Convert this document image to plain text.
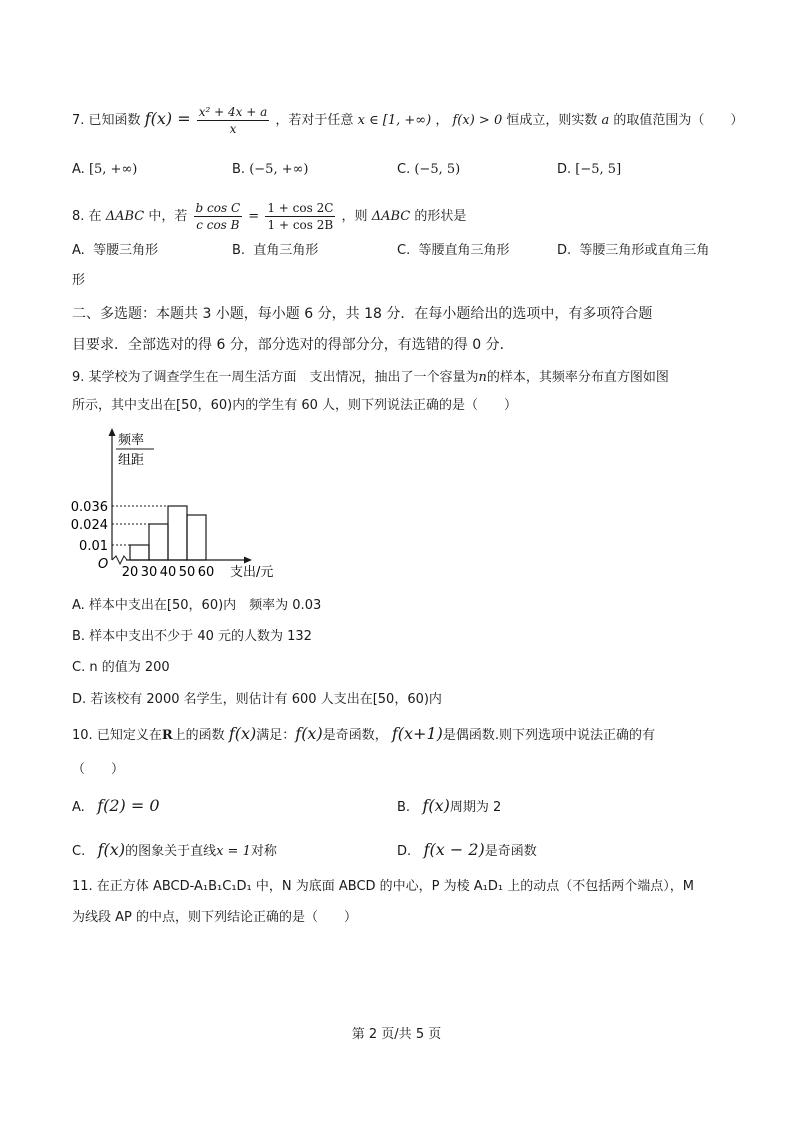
7. 已知函数 $f(x) = \frac{\text{x² + 4x + a}}{x}$ ，若对于任意 x ∈ [1, +∞) ， f(x) > 0 恒成立，则实数 a 的取值范围为（　　）
A. [5, +∞)	B. (−5, +∞)	C. (−5, 5)	D. [−5, 5]
8. 在 ΔABC 中，若 $\frac{\text{b cos C}}{\text{c cos B}} = \frac{1 + \cos 2C}{1 + \cos 2B}$ ，则 ΔABC 的形状是
A. 等腰三角形	B. 直角三角形	C. 等腰直角三角形	D. 等腰三角形或直角三角
形
二、多选题：本题共 3 小题，每小题 6 分，共 18 分．在每小题给出的选项中，有多项符合题
目要求．全部选对的得 6 分，部分选对的得部分分，有选错的得 0 分．
9. 某学校为了调查学生在一周生活方面　支出情况，抽出了一个容量为n的样本，其频率分布直方图如图
所示，其中支出在[50，60)内的学生有 60 人，则下列说法正确的是（　　）
频率
组距
支出/元
O
0.01
0.024
0.036
20 30 40 50 60
A. 样本中支出在[50，60)内　频率为 0.03
B. 样本中支出不少于 40 元的人数为 132
C. n 的值为 200
D. 若该校有 2000 名学生，则估计有 600 人支出在[50，60)内
10. 已知定义在R上的函数 f(x)满足：f(x)是奇函数， f(x+1)是偶函数.则下列选项中说法正确的有
（　　）
A. f(2) = 0	B. f(x)周期为 2
C. f(x)的图象关于直线x = 1对称	D. f(x − 2)是奇函数
11. 在正方体 ABCD-A₁B₁C₁D₁ 中，N 为底面 ABCD 的中心，P 为棱 A₁D₁ 上的动点（不包括两个端点），M
为线段 AP 的中点，则下列结论正确的是（　　）
第 2 页/共 5 页
